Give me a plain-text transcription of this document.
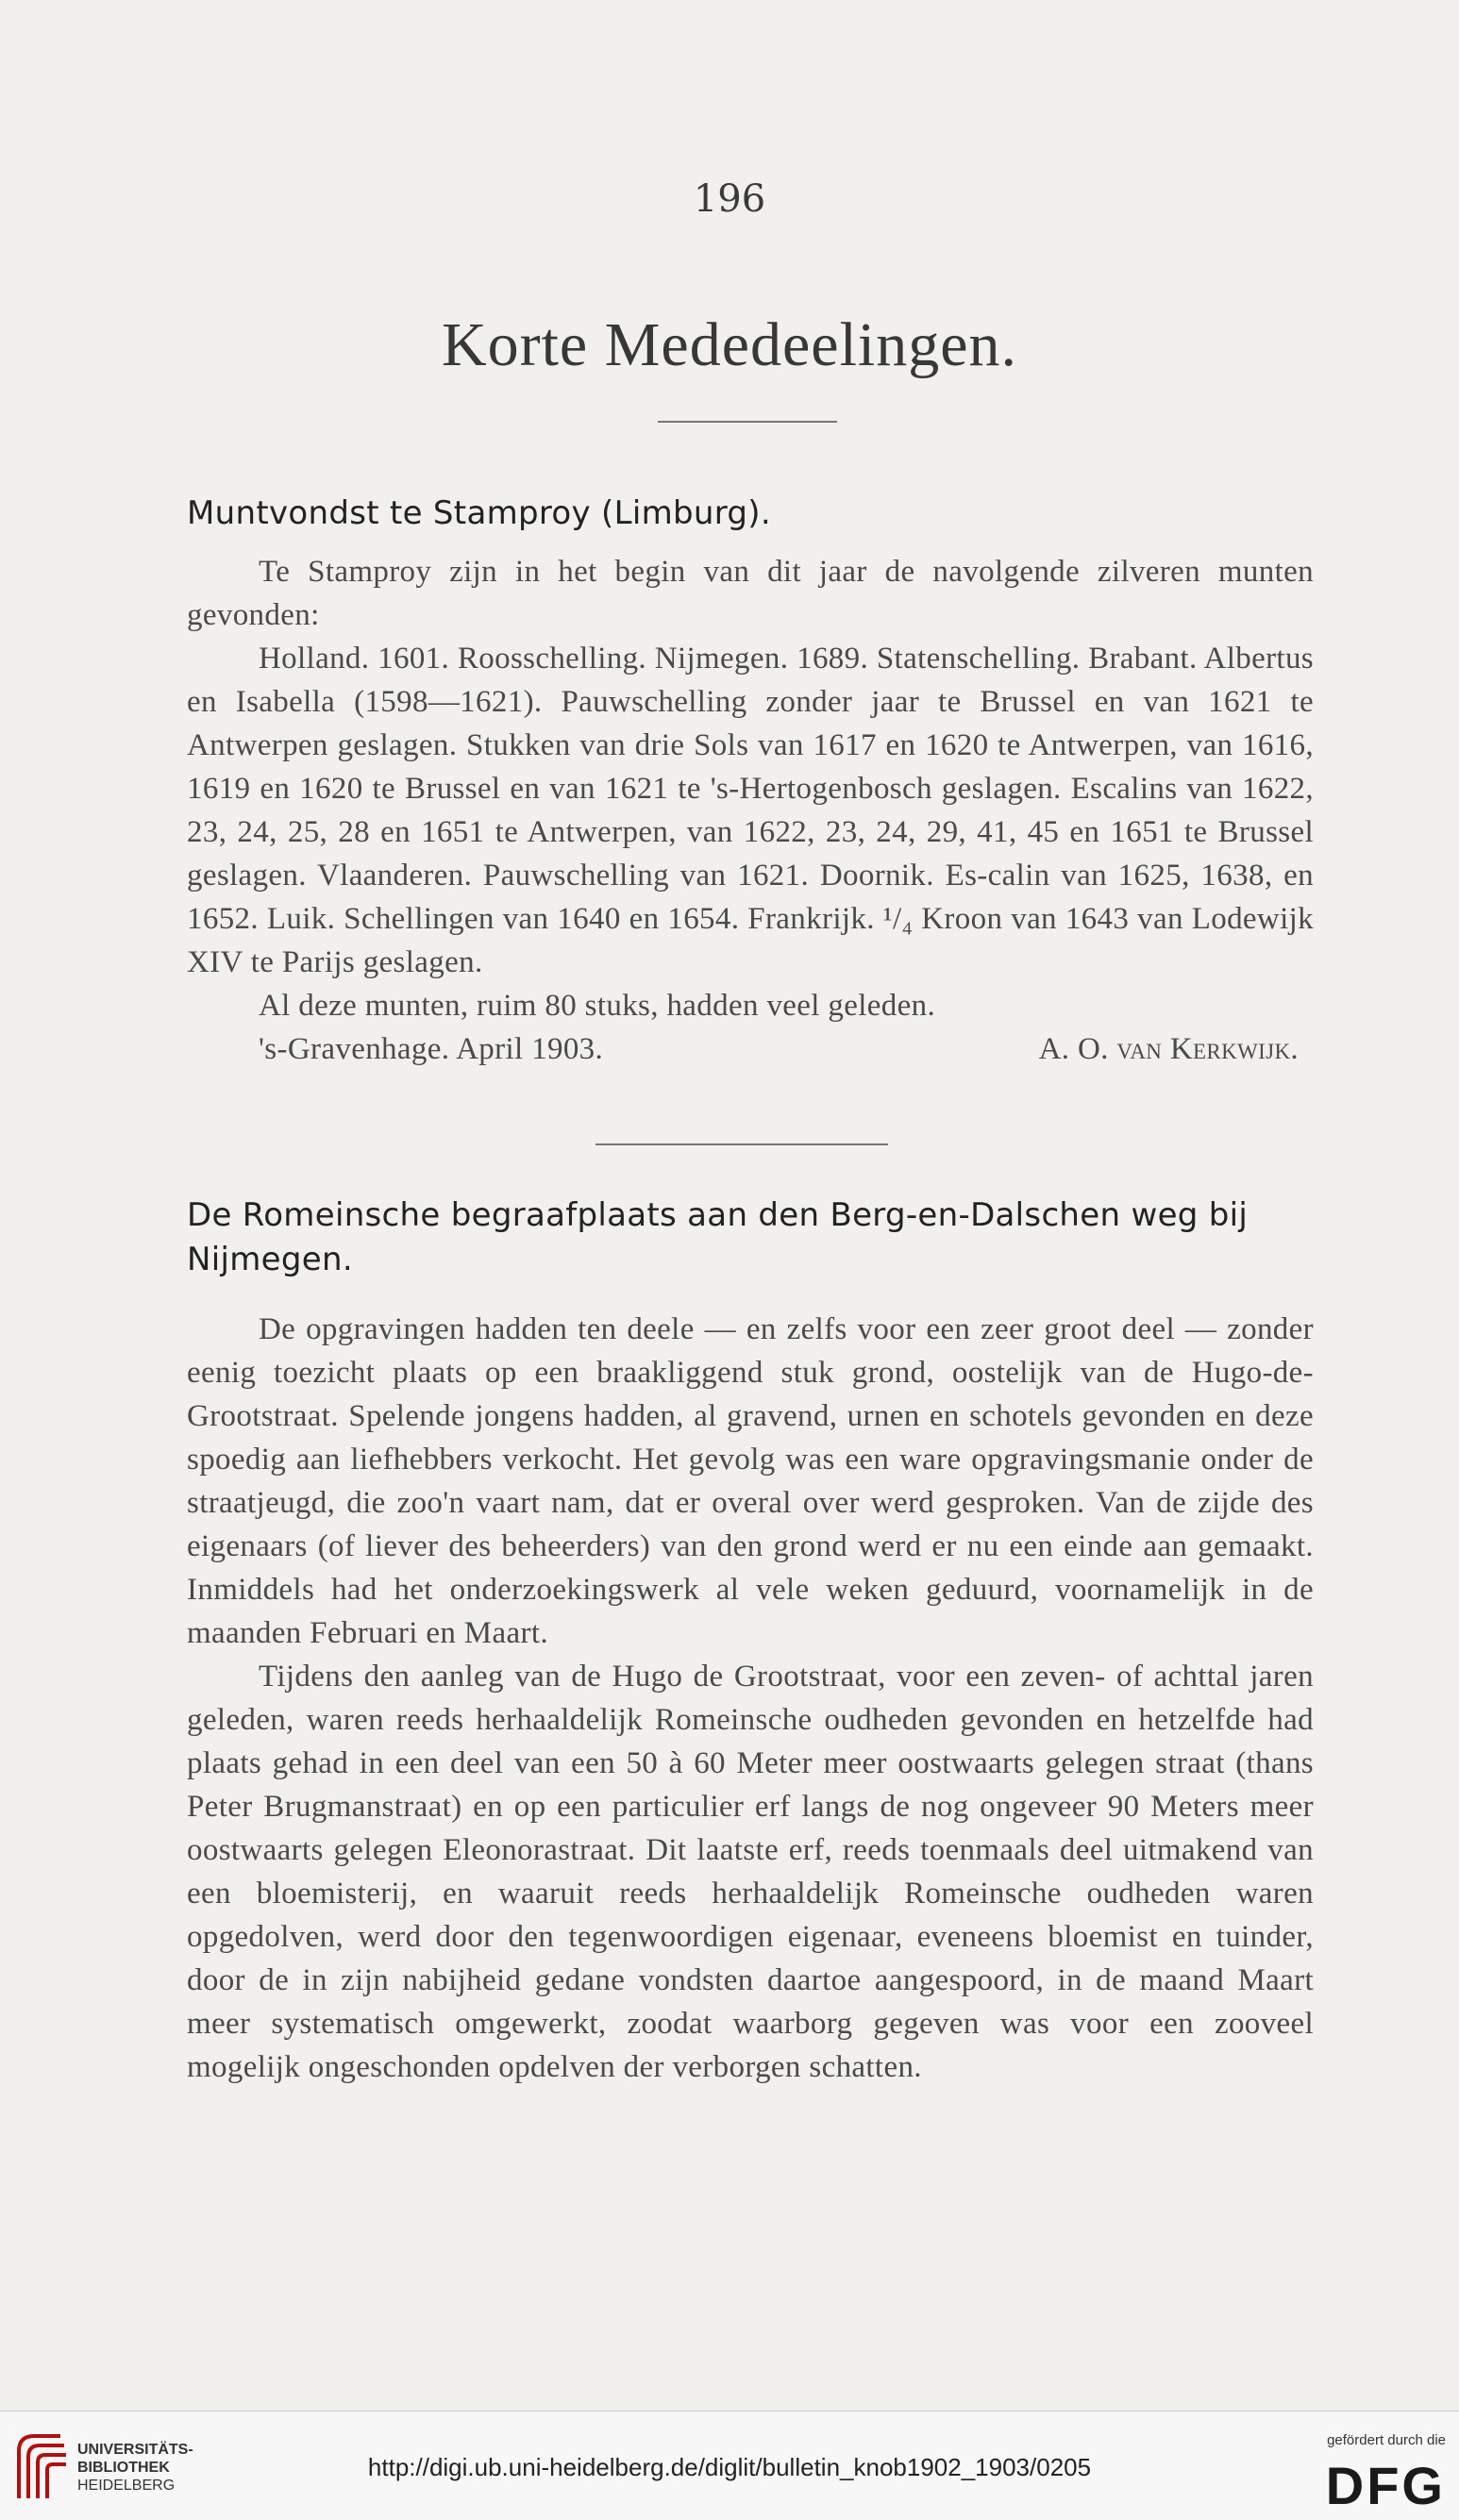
196
Korte Mededeelingen.
Muntvondst te Stamproy (Limburg).

Te Stamproy zijn in het begin van dit jaar de navolgende zilveren munten gevonden:

Holland. 1601. Roosschelling. Nijmegen. 1689. Statenschelling. Brabant. Albertus en Isabella (1598—1621). Pauwschelling zonder jaar te Brussel en van 1621 te Antwerpen geslagen. Stukken van drie Sols van 1617 en 1620 te Antwerpen, van 1616, 1619 en 1620 te Brussel en van 1621 te 's-Hertogenbosch geslagen. Escalins van 1622, 23, 24, 25, 28 en 1651 te Antwerpen, van 1622, 23, 24, 29, 41, 45 en 1651 te Brussel geslagen. Vlaanderen. Pauwschelling van 1621. Doornik. Es-calin van 1625, 1638, en 1652. Luik. Schellingen van 1640 en 1654. Frankrijk. ¹/₄ Kroon van 1643 van Lodewijk XIV te Parijs geslagen.

Al deze munten, ruim 80 stuks, hadden veel geleden.

's-Gravenhage. April 1903.	A. O. van Kerkwijk.
De Romeinsche begraafplaats aan den Berg-en-Dalschen weg bij Nijmegen.

De opgravingen hadden ten deele — en zelfs voor een zeer groot deel — zonder eenig toezicht plaats op een braakliggend stuk grond, oostelijk van de Hugo-de-Grootstraat. Spelende jongens hadden, al gravend, urnen en schotels gevonden en deze spoedig aan liefhebbers verkocht. Het gevolg was een ware opgravingsmanie onder de straatjeugd, die zoo'n vaart nam, dat er overal over werd gesproken. Van de zijde des eigenaars (of liever des beheerders) van den grond werd er nu een einde aan gemaakt. Inmiddels had het onderzoekingswerk al vele weken geduurd, voornamelijk in de maanden Februari en Maart.

Tijdens den aanleg van de Hugo de Grootstraat, voor een zeven- of achttal jaren geleden, waren reeds herhaaldelijk Romeinsche oudheden gevonden en hetzelfde had plaats gehad in een deel van een 50 à 60 Meter meer oostwaarts gelegen straat (thans Peter Brugmanstraat) en op een particulier erf langs de nog ongeveer 90 Meters meer oostwaarts gelegen Eleonorastraat. Dit laatste erf, reeds toenmaals deel uitmakend van een bloemisterij, en waaruit reeds herhaaldelijk Romeinsche oudheden waren opgedolven, werd door den tegenwoordigen eigenaar, eveneens bloemist en tuinder, door de in zijn nabijheid gedane vondsten daartoe aangespoord, in de maand Maart meer systematisch omgewerkt, zoodat waarborg gegeven was voor een zooveel mogelijk ongeschonden opdelven der verborgen schatten.

UNIVERSITÄTS-
BIBLIOTHEK
HEIDELBERG
http://digi.ub.uni-heidelberg.de/diglit/bulletin_knob1902_1903/0205
gefördert durch die
DFG
